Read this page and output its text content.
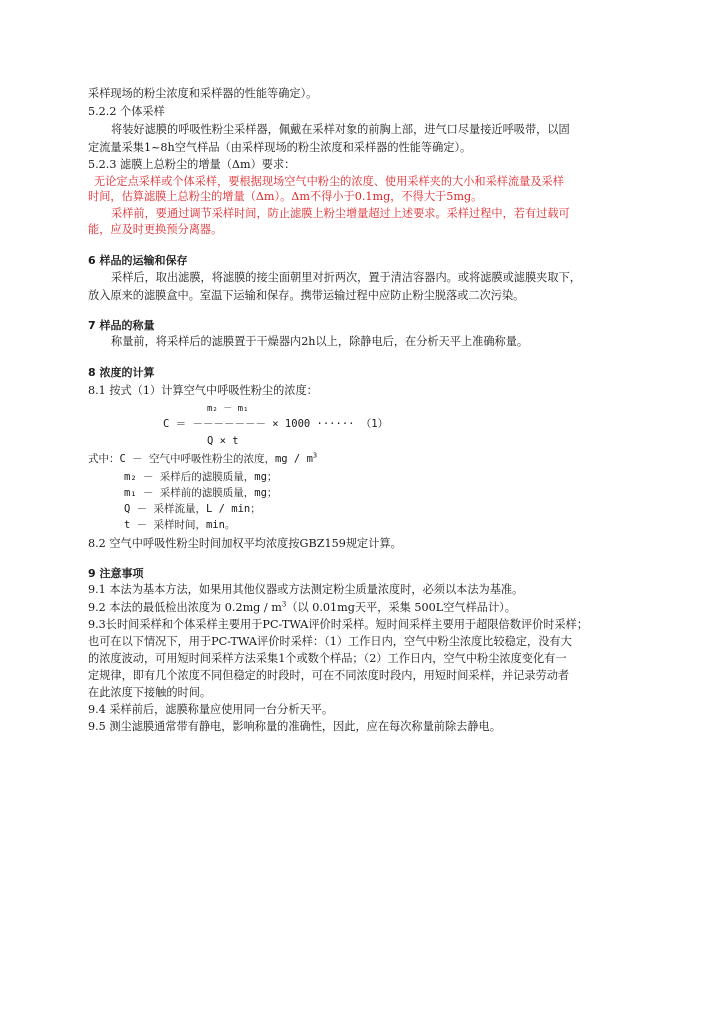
采样现场的粉尘浓度和采样器的性能等确定）。
5.2.2 个体采样
将装好滤膜的呼吸性粉尘采样器，佩戴在采样对象的前胸上部，进气口尽量接近呼吸带，以固
定流量采集1~8h空气样品（由采样现场的粉尘浓度和采样器的性能等确定）。
5.2.3 滤膜上总粉尘的增量（Δm）要求：
无论定点采样或个体采样，要根据现场空气中粉尘的浓度、使用采样夹的大小和采样流量及采样
时间，估算滤膜上总粉尘的增量（Δm）。Δm不得小于0.1mg，不得大于5mg。
采样前，要通过调节采样时间，防止滤膜上粉尘增量超过上述要求。采样过程中，若有过载可
能，应及时更换预分离器。
6 样品的运输和保存
采样后，取出滤膜，将滤膜的接尘面朝里对折两次，置于清洁容器内。或将滤膜或滤膜夹取下，
放入原来的滤膜盒中。室温下运输和保存。携带运输过程中应防止粉尘脱落或二次污染。
7 样品的称量
称量前，将采样后的滤膜置于干燥器内2h以上，除静电后，在分析天平上准确称量。
8 浓度的计算
8.1 按式（1）计算空气中呼吸性粉尘的浓度：
m₂ － m₁
C ＝ －－－－－－－ × 1000 ······ （1）
Q × t
式中：C － 空气中呼吸性粉尘的浓度，mg / $m^3$
m₂ － 采样后的滤膜质量，mg；
m₁ － 采样前的滤膜质量，mg；
Q － 采样流量，L / min；
t － 采样时间，min。
8.2 空气中呼吸性粉尘时间加权平均浓度按GBZ159规定计算。
9 注意事项
9.1 本法为基本方法，如果用其他仪器或方法测定粉尘质量浓度时，必须以本法为基准。
9.2 本法的最低检出浓度为 $0.2mg / m^3$（以 0.01mg天平，采集 500L空气样品计）。
9.3长时间采样和个体采样主要用于PC-TWA评价时采样。短时间采样主要用于超限倍数评价时采样；
也可在以下情况下，用于PC-TWA评价时采样：（1）工作日内，空气中粉尘浓度比较稳定，没有大
的浓度波动，可用短时间采样方法采集1个或数个样品；（2）工作日内，空气中粉尘浓度变化有一
定规律，即有几个浓度不同但稳定的时段时，可在不同浓度时段内，用短时间采样，并记录劳动者
在此浓度下接触的时间。
9.4 采样前后，滤膜称量应使用同一台分析天平。
9.5 测尘滤膜通常带有静电，影响称量的准确性，因此，应在每次称量前除去静电。
